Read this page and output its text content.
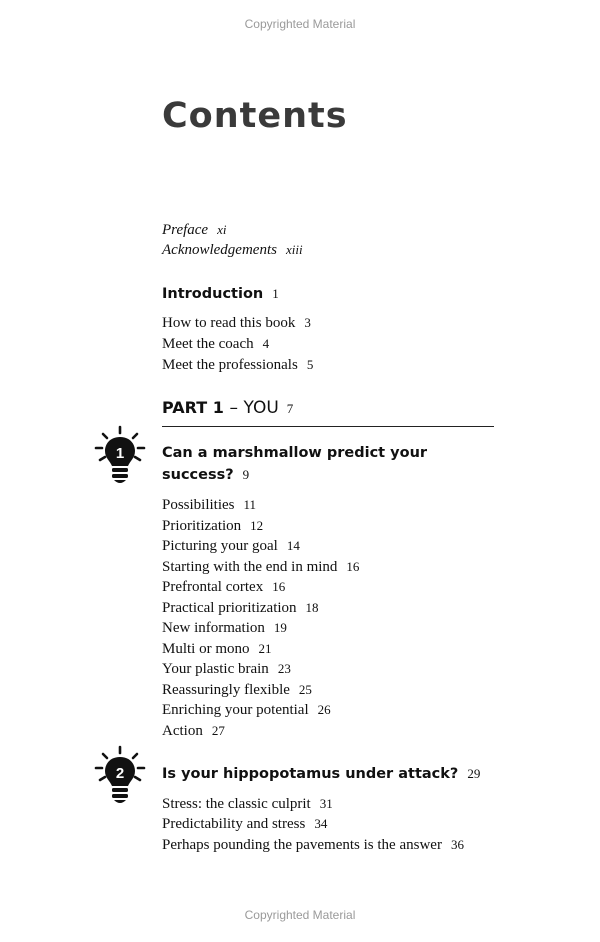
Copyrighted Material
Contents
Preface xi
Acknowledgements xiii
Introduction 1
How to read this book 3
Meet the coach 4
Meet the professionals 5
PART 1 – YOU 7
1	Can a marshmallow predict your
success? 9
Possibilities 11
Prioritization 12
Picturing your goal 14
Starting with the end in mind 16
Prefrontal cortex 16
Practical prioritization 18
New information 19
Multi or mono 21
Your plastic brain 23
Reassuringly flexible 25
Enriching your potential 26
Action 27
2	Is your hippopotamus under attack? 29
Stress: the classic culprit 31
Predictability and stress 34
Perhaps pounding the pavements is the answer 36
Copyrighted Material
